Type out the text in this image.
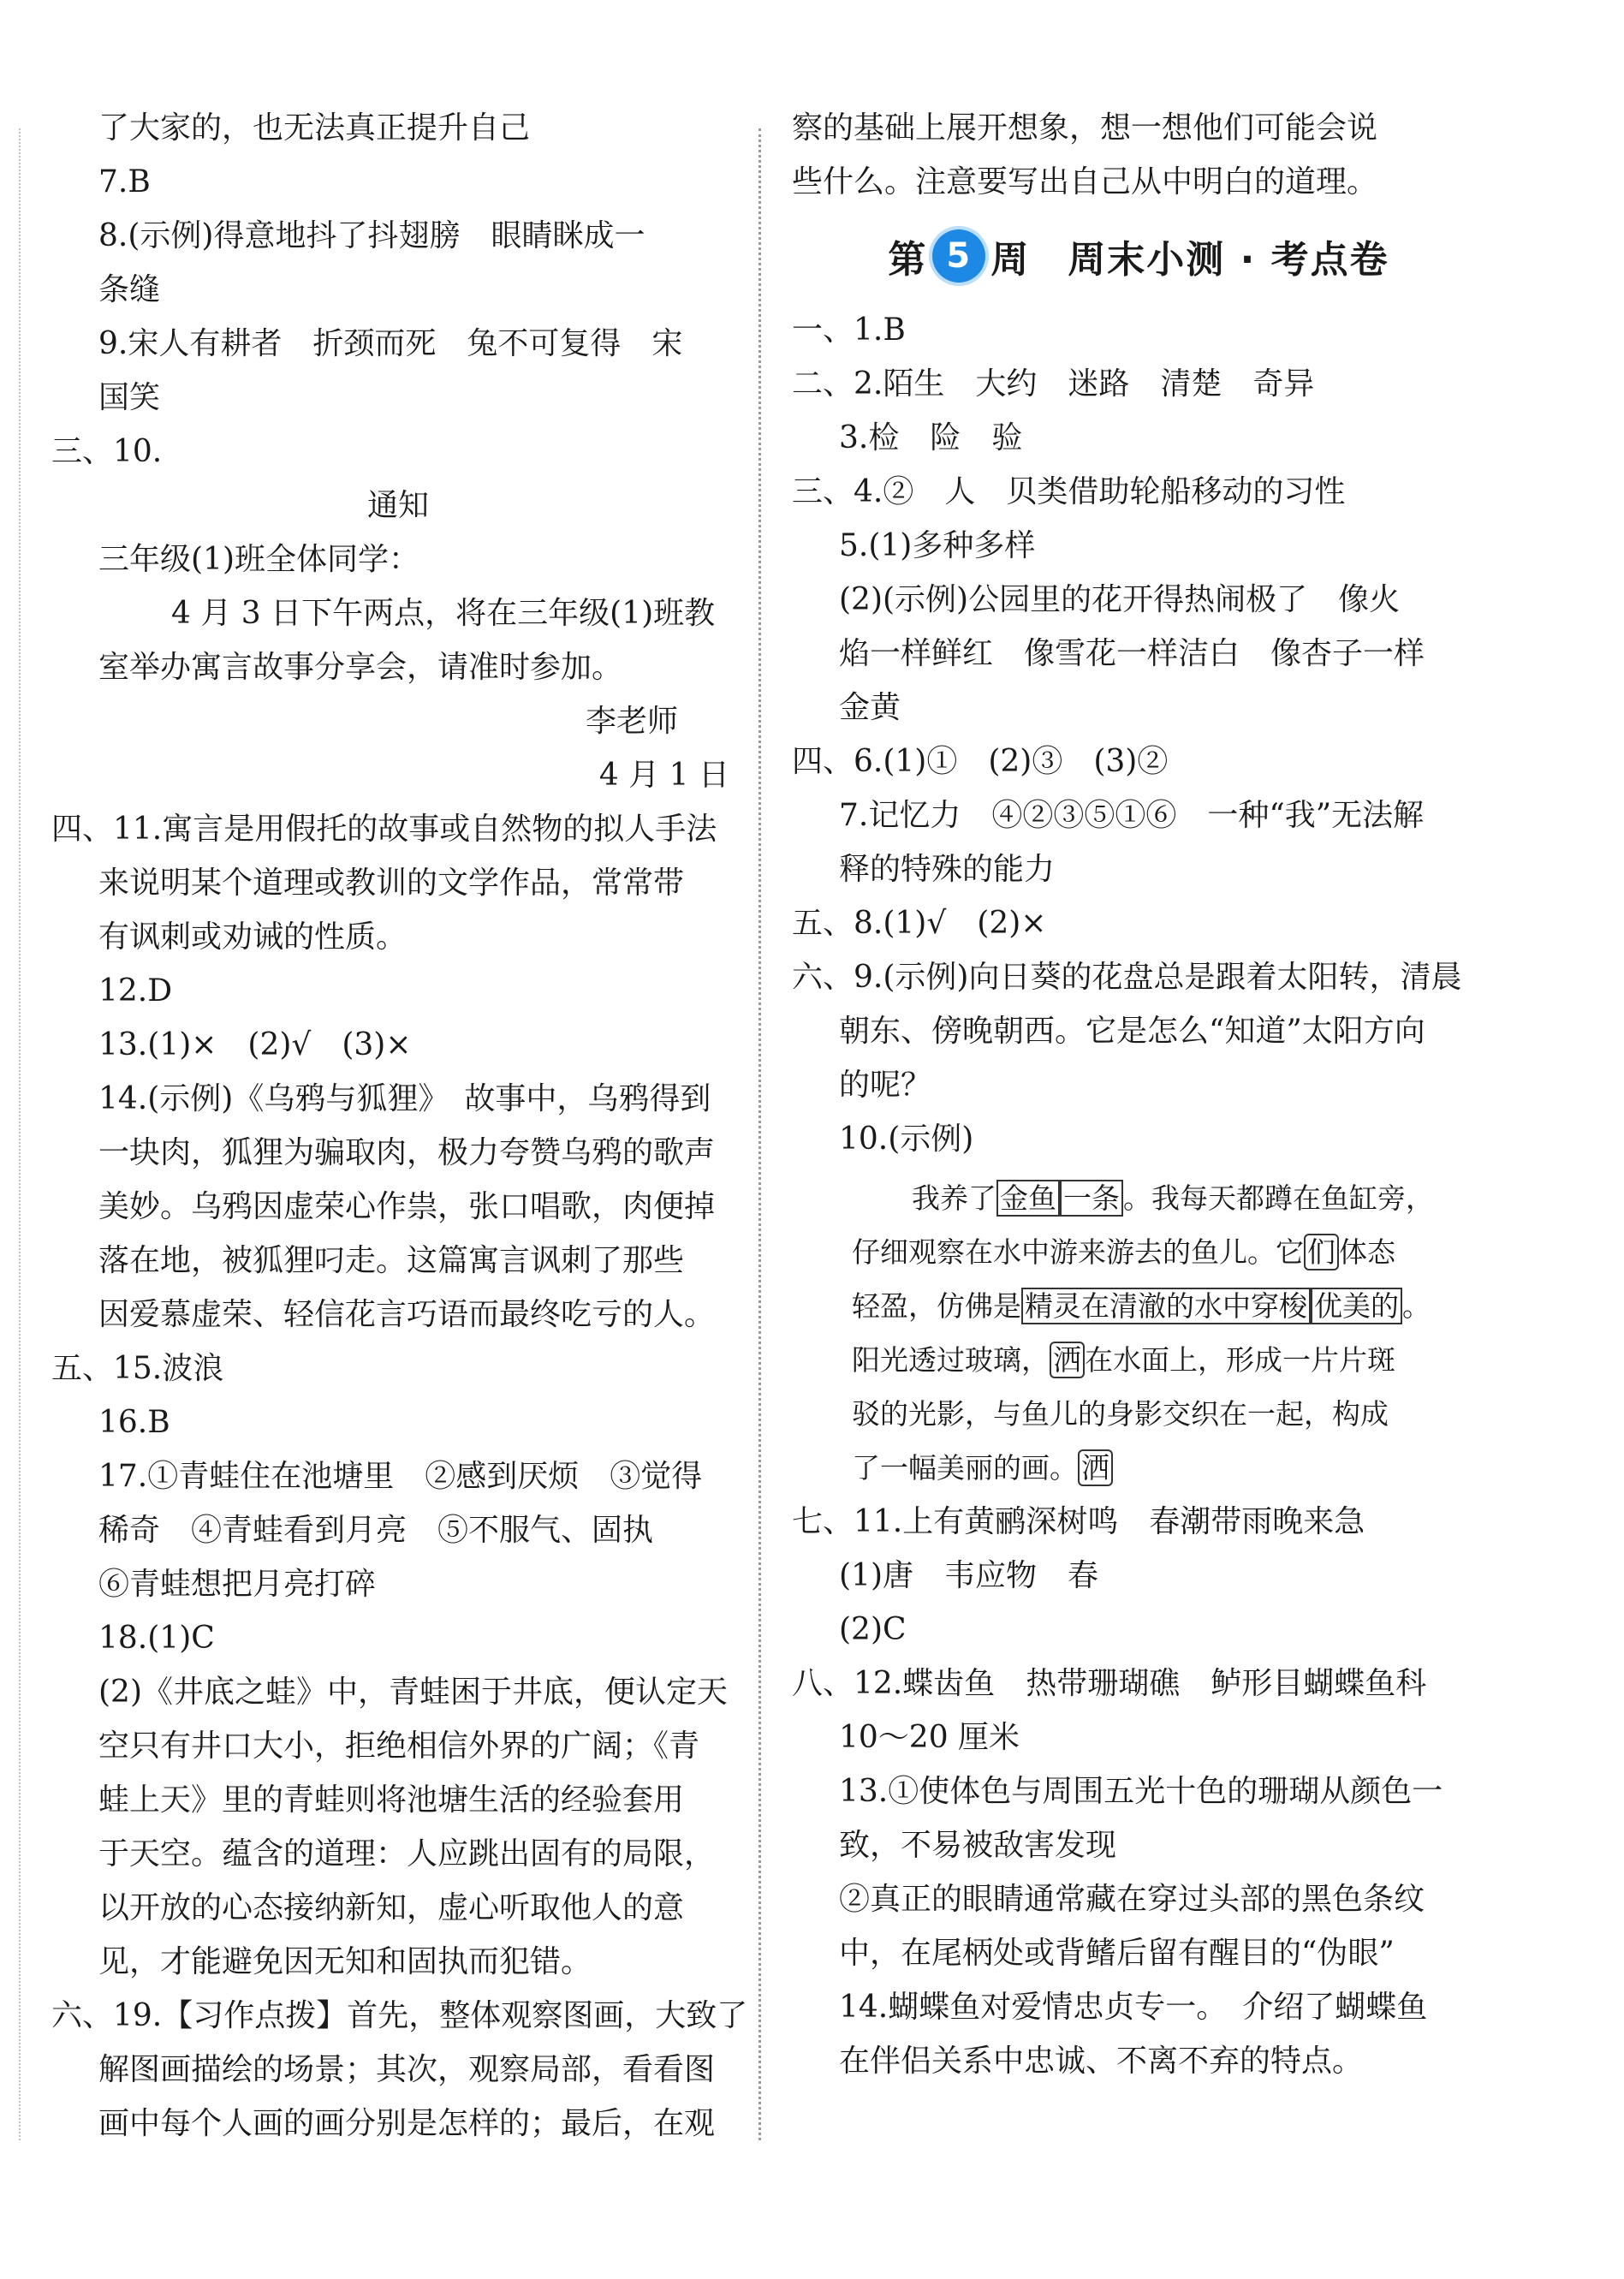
了大家的，也无法真正提升自己
7.B
8.(示例)得意地抖了抖翅膀　眼睛眯成一
条缝
9.宋人有耕者　折颈而死　兔不可复得　宋
国笑
三、10.
通知
三年级(1)班全体同学：
4 月 3 日下午两点，将在三年级(1)班教
室举办寓言故事分享会，请准时参加。
李老师
4 月 1 日
四、11.寓言是用假托的故事或自然物的拟人手法
来说明某个道理或教训的文学作品，常常带
有讽刺或劝诫的性质。
12.D
13.(1)×　(2)√　(3)×
14.(示例)《乌鸦与狐狸》　故事中，乌鸦得到
一块肉，狐狸为骗取肉，极力夸赞乌鸦的歌声
美妙。乌鸦因虚荣心作祟，张口唱歌，肉便掉
落在地，被狐狸叼走。这篇寓言讽刺了那些
因爱慕虚荣、轻信花言巧语而最终吃亏的人。
五、15.波浪
16.B
17.①青蛙住在池塘里　②感到厌烦　③觉得
稀奇　④青蛙看到月亮　⑤不服气、固执
⑥青蛙想把月亮打碎
18.(1)C
(2)《井底之蛙》中，青蛙困于井底，便认定天
空只有井口大小，拒绝相信外界的广阔；《青
蛙上天》里的青蛙则将池塘生活的经验套用
于天空。蕴含的道理：人应跳出固有的局限，
以开放的心态接纳新知，虚心听取他人的意
见，才能避免因无知和固执而犯错。
六、19.【习作点拨】首先，整体观察图画，大致了
解图画描绘的场景；其次，观察局部，看看图
画中每个人画的画分别是怎样的；最后，在观
察的基础上展开想象，想一想他们可能会说
些什么。注意要写出自己从中明白的道理。
第 5 周 周末小测 · 考点卷
一、1.B
二、2.陌生　大约　迷路　清楚　奇异
3.检　险　验
三、4.②　人　贝类借助轮船移动的习性
5.(1)多种多样
(2)(示例)公园里的花开得热闹极了　像火
焰一样鲜红　像雪花一样洁白　像杏子一样
金黄
四、6.(1)①　(2)③　(3)②
7.记忆力　④②③⑤①⑥　一种“我”无法解
释的特殊的能力
五、8.(1)√　(2)×
六、9.(示例)向日葵的花盘总是跟着太阳转，清晨
朝东、傍晚朝西。它是怎么“知道”太阳方向
的呢？
10.(示例)
我养了 金鱼 一条 。我每天都蹲在鱼缸旁，
仔细观察在水中游来游去的鱼儿。它 们 体态
轻盈，仿佛是 精灵在清澈的水中穿梭 优美的 。
阳光透过玻璃， 洒 在水面上，形成一片片斑
驳的光影，与鱼儿的身影交织在一起，构成
了一幅美丽的画。 洒
七、11.上有黄鹂深树鸣　春潮带雨晚来急
(1)唐　韦应物　春
(2)C
八、12.蝶齿鱼　热带珊瑚礁　鲈形目蝴蝶鱼科
10～20 厘米
13.①使体色与周围五光十色的珊瑚从颜色一
致，不易被敌害发现
②真正的眼睛通常藏在穿过头部的黑色条纹
中，在尾柄处或背鳍后留有醒目的“伪眼”
14.蝴蝶鱼对爱情忠贞专一。　介绍了蝴蝶鱼
在伴侣关系中忠诚、不离不弃的特点。
